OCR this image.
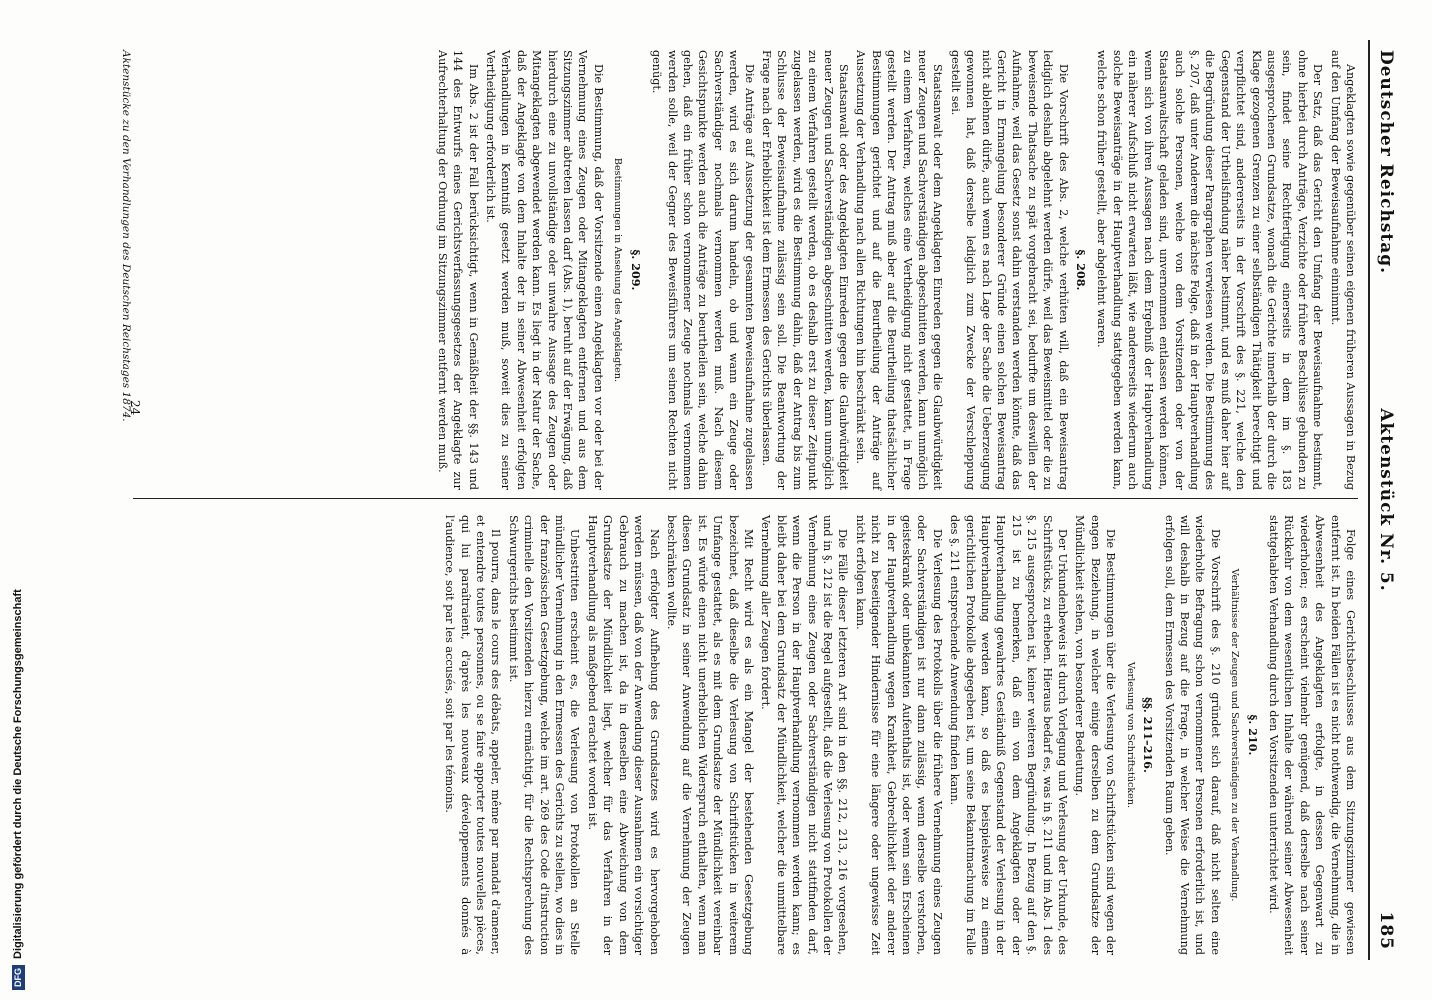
DFGDigitalisierung gefördert durch die Deutsche Forschungsgemeinschaft
Deutscher Reichstag.
Aktenstück Nr. 5.
185

Angeklagten sowie gegenüber seinen eigenen früheren Aussagen in Bezug auf den Umfang der Beweisaufnahme einnimmt.

Der Satz, daß das Gericht den Umfang der Beweisaufnahme bestimmt, ohne hierbei durch Anträge, Verzichte oder frühere Beschlüsse gebunden zu sein, findet seine Rechtfertigung einerseits in dem im §. 183 ausgesprochenen Grundsatze, wonach die Gerichte innerhalb der durch die Klage gezogenen Grenzen zu einer selbständigen Thätigkeit berechtigt und verpflichtet sind, andererseits in der Vorschrift des §. 221, welche den Gegenstand der Urtheilsfindung näher bestimmt, und es muß daher hier auf die Begründung dieser Paragraphen verwiesen werden. Die Bestimmung des §. 207, daß unter Anderem die nächste Folge, daß in der Hauptverhandlung auch solche Personen, welche von dem Vorsitzenden oder von der Staatsanwaltschaft geladen sind, unvernommen entlassen werden können, wenn sich von ihren Aussagen nach dem Ergebniß der Hauptverhandlung ein näherer Aufschluß nicht erwarten läßt, wie andererseits wiederum auch solche Beweisanträge in der Hauptverhandlung stattgegeben werden kann, welche schon früher gestellt, aber abgelehnt waren.

§. 208.

Die Vorschrift des Abs. 2, welche verhüten will, daß ein Beweisantrag lediglich deshalb abgelehnt werden dürfe, weil das Beweismittel oder die zu beweisende Thatsache zu spät vorgebracht sei, bedurfte um deswillen der Aufnahme, weil das Gesetz sonst dahin verstanden werden könnte, daß das Gericht in Ermangelung besonderer Gründe einen solchen Beweisantrag nicht ablehnen dürfe, auch wenn es nach Lage der Sache die Ueberzeugung gewonnen hat, daß derselbe lediglich zum Zwecke der Verschleppung gestellt sei.

Staatsanwalt oder dem Angeklagten Einreden gegen die Glaubwürdigkeit neuer Zeugen und Sachverständigen abgeschnitten werden, kann unmöglich zu einem Verfahren, welches eine Vertheidigung nicht gestattet, in Frage gestellt werden. Der Antrag muß aber auf die Beurtheilung thatsächlicher Bestimmungen gerichtet und auf die Beurtheilung der Anträge auf Aussetzung der Verhandlung nach allen Richtungen hin beschränkt sein.

Staatsanwalt oder des Angeklagten Einreden gegen die Glaubwürdigkeit neuer Zeugen und Sachverständigen abgeschnitten werden, kann unmöglich zu einem Verfahren gestellt werden, ob es deshalb erst zu dieser Zeitpunkt zugelassen werden, wird es die Bestimmung dahin, daß der Antrag bis zum Schlusse der Beweisaufnahme zulässig sein soll. Die Beantwortung der Frage nach der Erheblichkeit ist dem Ermessen des Gerichts überlassen.

Die Anträge auf Aussetzung der gesammten Beweisaufnahme zugelassen werden, wird es sich darum handeln, ob und wann ein Zeuge oder Sachverständiger nochmals vernommen werden muß. Nach diesem Gesichtspunkte werden auch die Anträge zu beurtheilen sein, welche dahin gehen, daß ein früher schon vernommener Zeuge nochmals vernommen werden solle, weil der Gegner des Beweisführers um seinen Rechten nicht genügt.

§. 209.
Bestimmungen in Ansehung des Angeklagten.

Die Bestimmung, daß der Vorsitzende einen Angeklagten vor oder bei der Vernehmung eines Zeugen oder Mitangeklagten entfernen und aus dem Sitzungszimmer abtreten lassen darf (Abs. 1), beruht auf der Erwägung, daß hierdurch eine zu unvollständige oder unwahre Aussage des Zeugen oder Mitangeklagten abgewendet werden kann. Es liegt in der Natur der Sache, daß der Angeklagte von dem Inhalte der in seiner Abwesenheit erfolgten Verhandlungen in Kenntniß gesetzt werden muß, soweit dies zu seiner Vertheidigung erforderlich ist.

Im Abs. 2 ist der Fall berücksichtigt, wenn in Gemäßheit der §§. 143 und 144 des Entwurfs eines Gerichtsverfassungsgesetzes der Angeklagte zur Aufrechterhaltung der Ordnung im Sitzungszimmer entfernt werden muß.

Folge eines Gerichtsbeschlusses aus dem Sitzungszimmer gewiesen entfernt ist. In beiden Fällen ist es nicht nothwendig, die Vernehmung, die in Abwesenheit des Angeklagten erfolgte, in dessen Gegenwart zu wiederholen; es erscheint vielmehr genügend, daß derselbe nach seiner Rückkehr von dem wesentlichen Inhalte der während seiner Abwesenheit stattgehabten Verhandlung durch den Vorsitzenden unterrichtet wird.

§. 210.
Verhältnisse der Zeugen und Sachverständigen zu der Verhandlung.

Die Vorschrift des §. 210 gründet sich darauf, daß nicht selten eine wiederholte Befragung schon vernommener Personen erforderlich ist, und will deshalb in Bezug auf die Frage, in welcher Weise die Vernehmung erfolgen soll, dem Ermessen des Vorsitzenden Raum geben.

§§. 211–216.
Verlesung von Schriftstücken.

Die Bestimmungen über die Verlesung von Schriftstücken sind wegen der engen Beziehung, in welcher einige derselben zu dem Grundsatze der Mündlichkeit stehen, von besonderer Bedeutung.

Der Urkundenbeweis ist durch Vorlegung und Verlesung der Urkunde, des Schriftstücks, zu erheben. Hieraus bedarf es, was in §. 211 und im Abs. 1 des §. 215 ausgesprochen ist, keiner weiteren Begründung. In Bezug auf den §. 215 ist zu bemerken, daß ein von dem Angeklagten oder der Hauptverhandlung gewahrtes Geständniß Gegenstand der Verlesung in der Hauptverhandlung werden kann, so daß es beispielsweise zu einem gerichtlichen Protokolle abgegeben ist, um seine Bekanntmachung im Falle des §. 211 entsprechende Anwendung finden kann.

Die Verlesung des Protokolls über die frühere Vernehmung eines Zeugen oder Sachverständigen ist nur dann zulässig, wenn derselbe verstorben, geisteskrank oder unbekannten Aufenthalts ist, oder wenn sein Erscheinen in der Hauptverhandlung wegen Krankheit, Gebrechlichkeit oder anderer nicht zu beseitigender Hindernisse für eine längere oder ungewisse Zeit nicht erfolgen kann.

Die Fälle dieser letzteren Art sind in den §§. 212, 213, 216 vorgesehen, und in §. 212 ist die Regel aufgestellt, daß die Verlesung von Protokollen der Vernehmung eines Zeugen oder Sachverständigen nicht stattfinden darf, wenn die Person in der Hauptverhandlung vernommen werden kann; es bleibt daher bei dem Grundsatz der Mündlichkeit, welcher die unmittelbare Vernehmung aller Zeugen fordert.

Mit Recht wird es als ein Mangel der bestehenden Gesetzgebung bezeichnet, daß dieselbe die Verlesung von Schriftstücken in weiterem Umfange gestattet, als es mit dem Grundsatze der Mündlichkeit vereinbar ist. Es würde einen nicht unerheblichen Widerspruch enthalten, wenn man diesen Grundsatz in seiner Anwendung auf die Vernehmung der Zeugen beschränken wollte.

Nach erfolgter Aufhebung des Grundsatzes wird es hervorgehoben werden müssen, daß von der Anwendung dieser Ausnahmen ein vorsichtiger Gebrauch zu machen ist, da in denselben eine Abweichung von dem Grundsatze der Mündlichkeit liegt, welcher für das Verfahren in der Hauptverhandlung als maßgebend erachtet worden ist.

Unbestritten erscheint es, die Verlesung von Protokollen an Stelle mündlicher Vernehmung in den Ermessen des Gerichts zu stellen, wo dies in der französischen Gesetzgebung, welche im art. 269 des Code d'instruction criminelle den Vorsitzenden hierzu ermächtigt, für die Rechtsprechung des Schwurgerichts bestimmt ist.

Il pourra, dans le cours des débats, appeler, même par mandat d'amener, et entendre toutes personnes, ou se faire apporter toutes nouvelles pièces, qui lui paraîtraient, d'après les nouveaux développements donnés à l'audience, soit par les accusés, soit par les témoins.

Aktenstücke zu den Verhandlungen des Deutschen Reichstages 1874.
24
